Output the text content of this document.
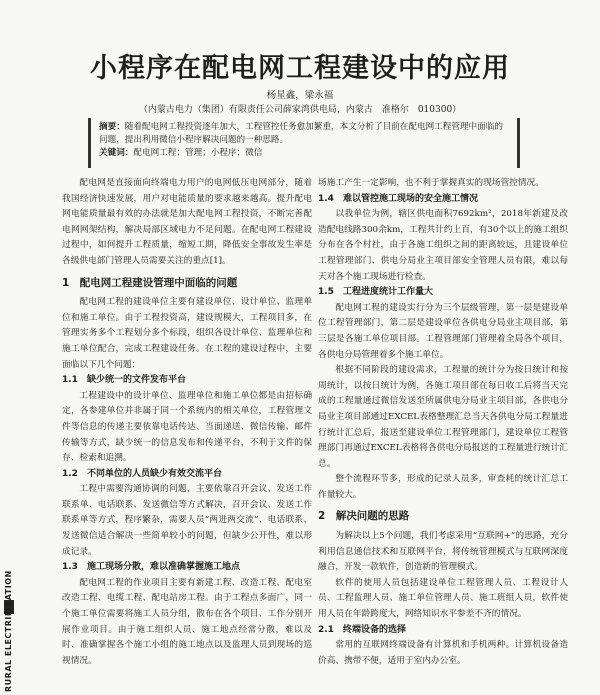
小程序在配电网工程建设中的应用
杨星鑫，梁永福
（内蒙古电力（集团）有限责任公司薛家湾供电局，内蒙古　准格尔　010300）
摘要：随着配电网工程投资逐年加大，工程管控任务愈加繁重，本文分析了目前在配电网工程管理中面临的问题，提出利用微信小程序解决问题的一种思路。
关键词：配电网工程；管理；小程序；微信

配电网是直接面向终端电力用户的电网低压电网部分，随着我国经济快速发展，用户对电能质量的要求越来越高。提升配电网电能质量最有效的办法就是加大配电网工程投资，不断完善配电网网架结构，解决局部区域电力不足问题。在配电网工程建设过程中，如何提升工程质量，缩短工期，降低安全事故发生率是各级供电部门管理人员需要关注的重点[1]。

1　配电网工程建设管理中面临的问题

配电网工程的建设单位主要有建设单位、设计单位、监理单位和施工单位。由于工程投资高，建设规模大，工程项目多，在管理实务多个工程划分多个标段，组织各设计单位、监理单位和施工单位配合，完成工程建设任务。在工程的建设过程中，主要面临以下几个问题：

1.1　缺少统一的文件发布平台

工程建设中的设计单位、监理单位和施工单位都是由招标确定，各参建单位并非属于同一个系统内的相关单位，工程管理文件等信息的传递主要依靠电话传达、当面递送、微信传输、邮件传输等方式，缺少统一的信息发布和传递平台，不利于文件的保存、检索和追溯。

1.2　不同单位的人员缺少有效交流平台

工程中需要沟通协调的问题，主要依靠召开会议、发送工作联系单、电话联系、发送微信等方式解决，召开会议、发送工作联系单等方式，程序繁杂，需要人员“两进两交流”、电话联系、发送微信适合解决一些简单较小的问题，但缺少公开性，难以形成记录。

1.3　施工现场分散，难以准确掌握施工地点

配电网工程的作业项目主要有新建工程、改造工程、配电室改造工程、电缆工程、配电站房工程。由于工程点多面广，同一个施工单位需要将施工人员分组，散布在各个项目、工作分别开展作业项目。由于施工组织人员、施工地点经常分散，难以及时、准确掌握各个施工小组的施工地点以及监理人员到现场的巡视情况。

场施工产生一定影响，也不利于掌握真实的现场管控情况。

1.4　难以管控施工现场的安全施工情况

以我单位为例，辖区供电面积7692km²，2018年新建及改造配电线路300余km，工程共计约上百，有30个以上的施工组织分布在各个村社，由于各施工组织之间的距离较远，且建设单位工程管理部门、供电分局业主项目部安全管理人员有限，难以每天对各个施工现场进行检查。

1.5　工程进度统计工作量大

配电网工程的建设实行分为三个层级管理，第一层是建设单位工程管理部门，第二层是建设单位各供电分局业主项目部，第三层是各施工单位项目部。工程管理部门管理着全局各个项目，各供电分局管理着多个施工单位。

根据不同阶段的建设需求，工程量的统计分为按日统计和按周统计，以按日统计为例，各施工项目部在每日收工后将当天完成的工程量通过微信发送至所属供电分局业主项目部，各供电分局业主项目部通过EXCEL表格整理汇总当天各供电分局工程量进行统计汇总后，报送至建设单位工程管理部门，建设单位工程管理部门再通过EXCEL表格将各供电分局报送的工程量进行统计汇总。

整个流程环节多，形成的记录人员多，审查耗的统计汇总工作量较大。

2　解决问题的思路

为解决以上5个问题，我们考虑采用“互联网+”的思路，充分利用信息通信技术和互联网平台，将传统管理模式与互联网深度融合，开发一款软件，创造新的管理模式。

软件的使用人员包括建设单位工程管理人员、工程设计人员、工程监理人员、施工单位管理人员、施工班组人员，软件使用人员在年龄跨度大，网络知识水平参差不齐的情况。

2.1　终端设备的选择

常用的互联网终端设备有计算机和手机两种。计算机设备造价高、携带不便，适用于室内办公室。

RURAL ELECTRIFICATION
